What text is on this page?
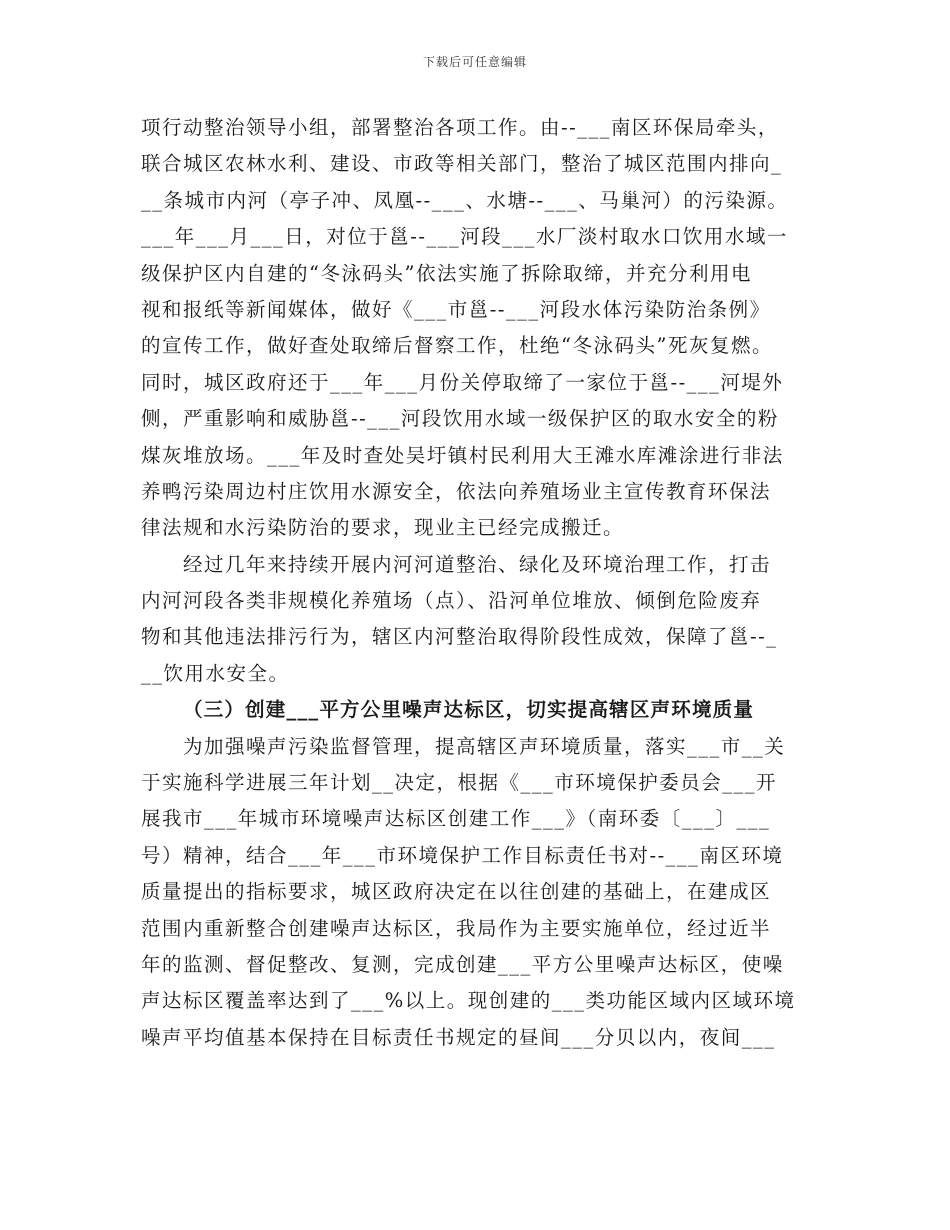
下载后可任意编辑
项行动整治领导小组，部署整治各项工作。由--___南区环保局牵头，
联合城区农林水利、建设、市政等相关部门，整治了城区范围内排向_
__条城市内河（亭子冲、凤凰--___、水塘--___、马巢河）的污染源。
___年___月___日，对位于邕--___河段___水厂淡村取水口饮用水域一
级保护区内自建的“冬泳码头”依法实施了拆除取缔，并充分利用电
视和报纸等新闻媒体，做好《___市邕--___河段水体污染防治条例》
的宣传工作，做好查处取缔后督察工作，杜绝“冬泳码头”死灰复燃。
同时，城区政府还于___年___月份关停取缔了一家位于邕--___河堤外
侧，严重影响和威胁邕--___河段饮用水域一级保护区的取水安全的粉
煤灰堆放场。___年及时查处吴圩镇村民利用大王滩水库滩涂进行非法
养鸭污染周边村庄饮用水源安全，依法向养殖场业主宣传教育环保法
律法规和水污染防治的要求，现业主已经完成搬迁。
经过几年来持续开展内河河道整治、绿化及环境治理工作，打击
内河河段各类非规模化养殖场（点）、沿河单位堆放、倾倒危险废弃
物和其他违法排污行为，辖区内河整治取得阶段性成效，保障了邕--_
__饮用水安全。
（三）创建___平方公里噪声达标区，切实提高辖区声环境质量
为加强噪声污染监督管理，提高辖区声环境质量，落实___市__关
于实施科学进展三年计划__决定，根据《___市环境保护委员会___开
展我市___年城市环境噪声达标区创建工作___》（南环委〔___〕___
号）精神，结合___年___市环境保护工作目标责任书对--___南区环境
质量提出的指标要求，城区政府决定在以往创建的基础上，在建成区
范围内重新整合创建噪声达标区，我局作为主要实施单位，经过近半
年的监测、督促整改、复测，完成创建___平方公里噪声达标区，使噪
声达标区覆盖率达到了___%以上。现创建的___类功能区域内区域环境
噪声平均值基本保持在目标责任书规定的昼间___分贝以内，夜间___
